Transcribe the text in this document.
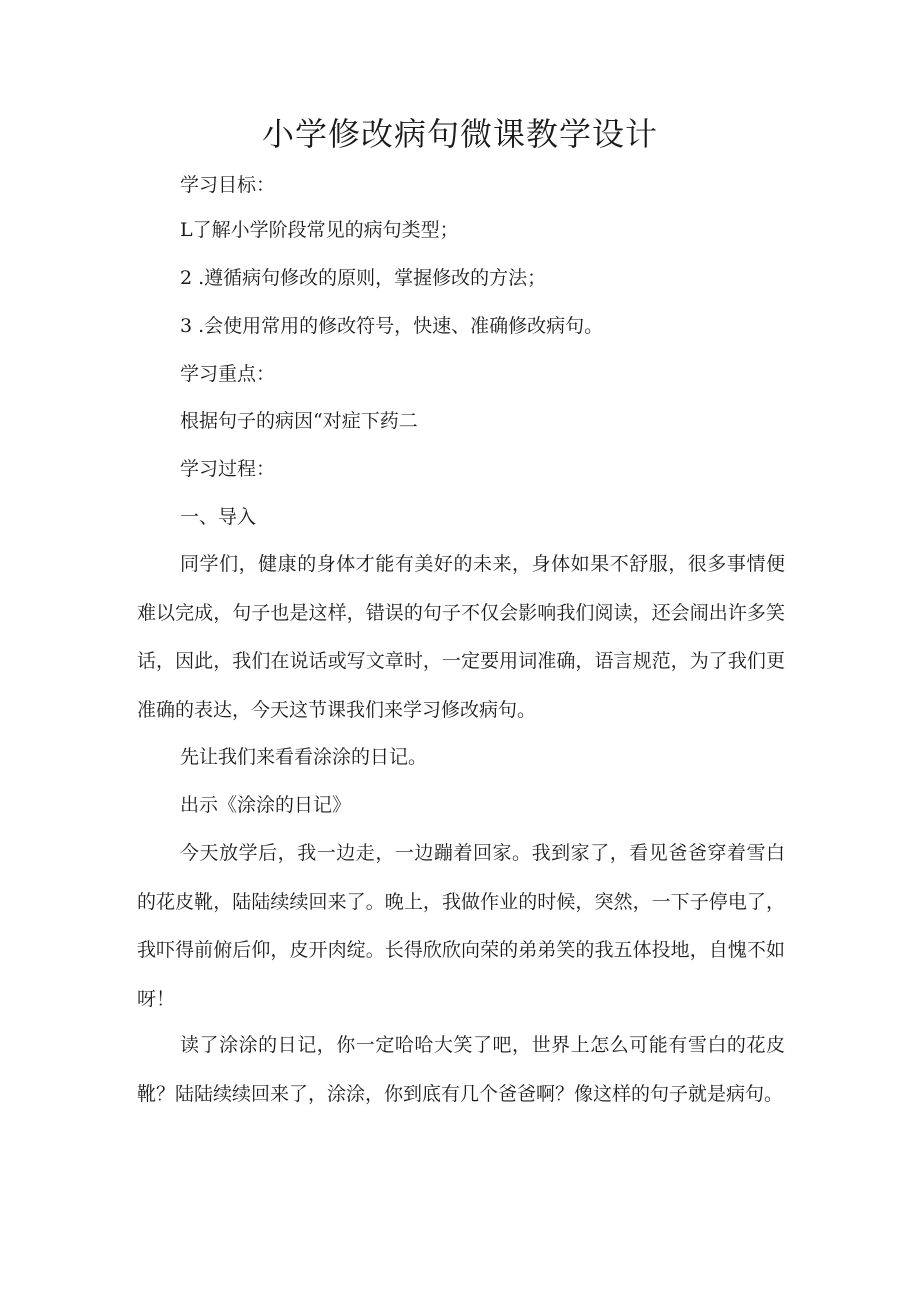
小学修改病句微课教学设计

学习目标：

L了解小学阶段常见的病句类型；

2 .遵循病句修改的原则，掌握修改的方法；

3 .会使用常用的修改符号，快速、准确修改病句。

学习重点：

根据句子的病因“对症下药二

学习过程：

一、导入

同学们，健康的身体才能有美好的未来，身体如果不舒服，很多事情便难以完成，句子也是这样，错误的句子不仅会影响我们阅读，还会闹出许多笑话，因此，我们在说话或写文章时，一定要用词准确，语言规范，为了我们更准确的表达，今天这节课我们来学习修改病句。

先让我们来看看涂涂的日记。

出示《涂涂的日记》

今天放学后，我一边走，一边蹦着回家。我到家了，看见爸爸穿着雪白的花皮靴，陆陆续续回来了。晚上，我做作业的时候，突然，一下子停电了，我吓得前俯后仰，皮开肉绽。长得欣欣向荣的弟弟笑的我五体投地，自愧不如呀！

读了涂涂的日记，你一定哈哈大笑了吧，世界上怎么可能有雪白的花皮靴？陆陆续续回来了，涂涂，你到底有几个爸爸啊？像这样的句子就是病句。
